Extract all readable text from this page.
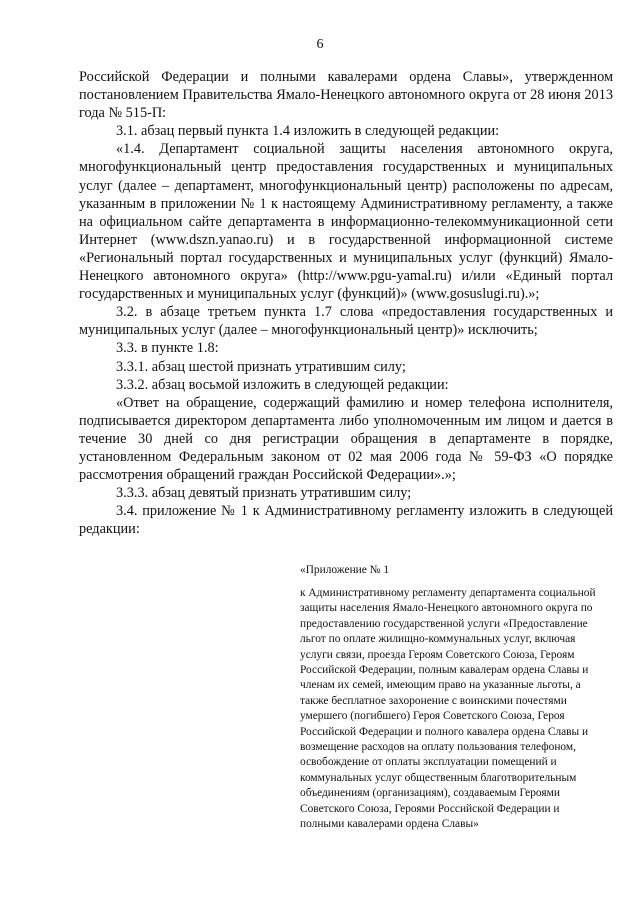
6

Российской Федерации и полными кавалерами ордена Славы», утвержденном постановлением Правительства Ямало-Ненецкого автономного округа от 28 июня 2013 года № 515-П:

3.1. абзац первый пункта 1.4 изложить в следующей редакции:

«1.4. Департамент социальной защиты населения автономного округа, многофункциональный центр предоставления государственных и муниципальных услуг (далее – департамент, многофункциональный центр) расположены по адресам, указанным в приложении № 1 к настоящему Административному регламенту, а также на официальном сайте департамента в информационно-телекоммуникационной сети Интернет (www.dszn.yanao.ru) и в государственной информационной системе «Региональный портал государственных и муниципальных услуг (функций) Ямало-Ненецкого автономного округа» (http://www.pgu-yamal.ru) и/или «Единый портал государственных и муниципальных услуг (функций)» (www.gosuslugi.ru).»;

3.2. в абзаце третьем пункта 1.7 слова «предоставления государственных и муниципальных услуг (далее – многофункциональный центр)» исключить;

3.3. в пункте 1.8:

3.3.1. абзац шестой признать утратившим силу;

3.3.2. абзац восьмой изложить в следующей редакции:

«Ответ на обращение, содержащий фамилию и номер телефона исполнителя, подписывается директором департамента либо уполномоченным им лицом и дается в течение 30 дней со дня регистрации обращения в департаменте в порядке, установленном Федеральным законом от 02 мая 2006 года № 59-ФЗ «О порядке рассмотрения обращений граждан Российской Федерации».»;

3.3.3. абзац девятый признать утратившим силу;

3.4. приложение № 1 к Административному регламенту изложить в следующей редакции:

«Приложение № 1
к Административному регламенту департамента социальной защиты населения Ямало-Ненецкого автономного округа по предоставлению государственной услуги «Предоставление льгот по оплате жилищно-коммунальных услуг, включая услуги связи, проезда Героям Советского Союза, Героям Российской Федерации, полным кавалерам ордена Славы и членам их семей, имеющим право на указанные льготы, а также бесплатное захоронение с воинскими почестями умершего (погибшего) Героя Советского Союза, Героя Российской Федерации и полного кавалера ордена Славы и возмещение расходов на оплату пользования телефоном, освобождение от оплаты эксплуатации помещений и коммунальных услуг общественным благотворительным объединениям (организациям), создаваемым Героями Советского Союза, Героями Российской Федерации и полными кавалерами ордена Славы»
